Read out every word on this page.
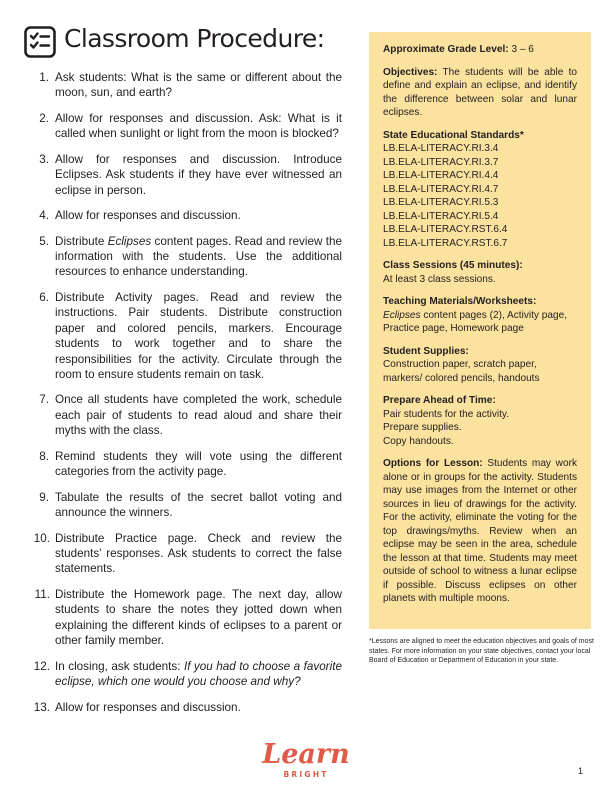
Classroom Procedure:
1. Ask students: What is the same or different about the moon, sun, and earth?
2. Allow for responses and discussion. Ask: What is it called when sunlight or light from the moon is blocked?
3. Allow for responses and discussion. Introduce Eclipses. Ask students if they have ever witnessed an eclipse in person.
4. Allow for responses and discussion.
5. Distribute Eclipses content pages. Read and review the information with the students. Use the additional resources to enhance understanding.
6. Distribute Activity pages. Read and review the instructions. Pair students. Distribute construction paper and colored pencils, markers. Encourage students to work together and to share the responsibilities for the activity. Circulate through the room to ensure students remain on task.
7. Once all students have completed the work, schedule each pair of students to read aloud and share their myths with the class.
8. Remind students they will vote using the different categories from the activity page.
9. Tabulate the results of the secret ballot voting and announce the winners.
10. Distribute Practice page. Check and review the students’ responses. Ask students to correct the false statements.
11. Distribute the Homework page. The next day, allow students to share the notes they jotted down when explaining the different kinds of eclipses to a parent or other family member.
12. In closing, ask students: If you had to choose a favorite eclipse, which one would you choose and why?
13. Allow for responses and discussion.
Approximate Grade Level: 3 – 6
Objectives: The students will be able to define and explain an eclipse, and identify the difference between solar and lunar eclipses.
State Educational Standards*
LB.ELA-LITERACY.RI.3.4
LB.ELA-LITERACY.RI.3.7
LB.ELA-LITERACY.RI.4.4
LB.ELA-LITERACY.RI.4.7
LB.ELA-LITERACY.RI.5.3
LB.ELA-LITERACY.RI.5.4
LB.ELA-LITERACY.RST.6.4
LB.ELA-LITERACY.RST.6.7
Class Sessions (45 minutes):
At least 3 class sessions.
Teaching Materials/Worksheets:
Eclipses content pages (2), Activity page, Practice page, Homework page
Student Supplies:
Construction paper, scratch paper, markers/ colored pencils, handouts
Prepare Ahead of Time:
Pair students for the activity.
Prepare supplies.
Copy handouts.
Options for Lesson: Students may work alone or in groups for the activity. Students may use images from the Internet or other sources in lieu of drawings for the activity. For the activity, eliminate the voting for the top drawings/myths. Review when an eclipse may be seen in the area, schedule the lesson at that time. Students may meet outside of school to witness a lunar eclipse if possible. Discuss eclipses on other planets with multiple moons.
*Lessons are aligned to meet the education objectives and goals of most states. For more information on your state objectives, contact your local Board of Education or Department of Education in your state.
Learn
BRIGHT	1
